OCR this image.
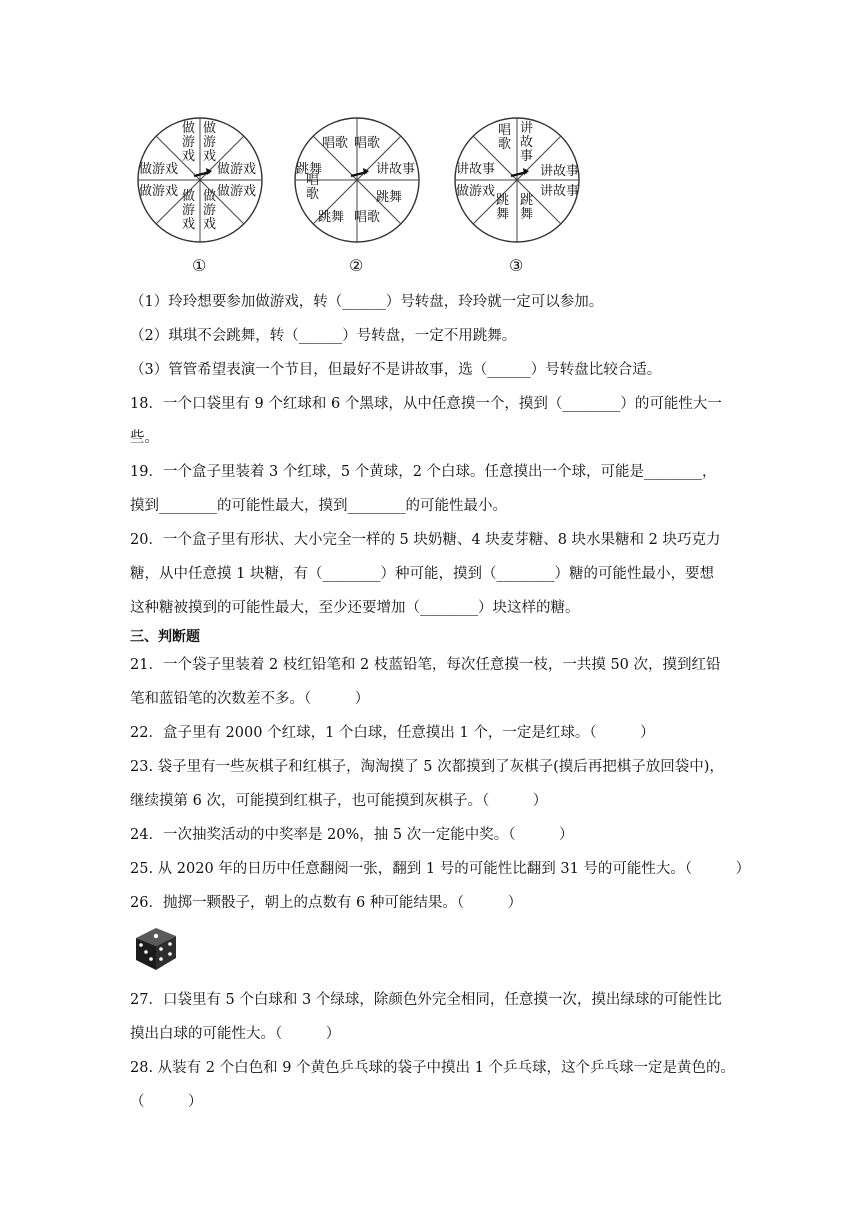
做
游
戏
做
游
戏
做游戏
做游戏
做
游
戏
做
游
戏
做游戏
做游戏
①
唱歌 唱歌
讲故事
跳舞
唱歌
跳舞
唱
歌
跳舞
②
讲
故
事
讲故事
讲故事
跳
舞
跳
舞
做游戏
讲故事
唱
歌
③
（1）玲玲想要参加做游戏，转（______）号转盘，玲玲就一定可以参加。
（2）琪琪不会跳舞，转（______）号转盘，一定不用跳舞。
（3）管管希望表演一个节目，但最好不是讲故事，选（______）号转盘比较合适。
18．一个口袋里有 9 个红球和 6 个黑球，从中任意摸一个，摸到（________）的可能性大一
些。
19．一个盒子里装着 3 个红球，5 个黄球，2 个白球。任意摸出一个球，可能是________，
摸到________的可能性最大，摸到________的可能性最小。
20．一个盒子里有形状、大小完全一样的 5 块奶糖、4 块麦芽糖、8 块水果糖和 2 块巧克力
糖，从中任意摸 1 块糖，有（________）种可能，摸到（________）糖的可能性最小，要想
这种糖被摸到的可能性最大，至少还要增加（________）块这样的糖。
三、判断题
21．一个袋子里装着 2 枝红铅笔和 2 枝蓝铅笔，每次任意摸一枝，一共摸 50 次，摸到红铅
笔和蓝铅笔的次数差不多。（　　　）
22．盒子里有 2000 个红球，1 个白球，任意摸出 1 个，一定是红球。（　　　）
23. 袋子里有一些灰棋子和红棋子，淘淘摸了 5 次都摸到了灰棋子(摸后再把棋子放回袋中)，
继续摸第 6 次，可能摸到红棋子，也可能摸到灰棋子。（　　　）
24．一次抽奖活动的中奖率是 20%，抽 5 次一定能中奖。（　　　）
25. 从 2020 年的日历中任意翻阅一张，翻到 1 号的可能性比翻到 31 号的可能性大。（　　　）
26．抛掷一颗骰子，朝上的点数有 6 种可能结果。（　　　）
27．口袋里有 5 个白球和 3 个绿球，除颜色外完全相同，任意摸一次，摸出绿球的可能性比
摸出白球的可能性大。（　　　）
28. 从装有 2 个白色和 9 个黄色乒乓球的袋子中摸出 1 个乒乓球，这个乒乓球一定是黄色的。
（　　　）
